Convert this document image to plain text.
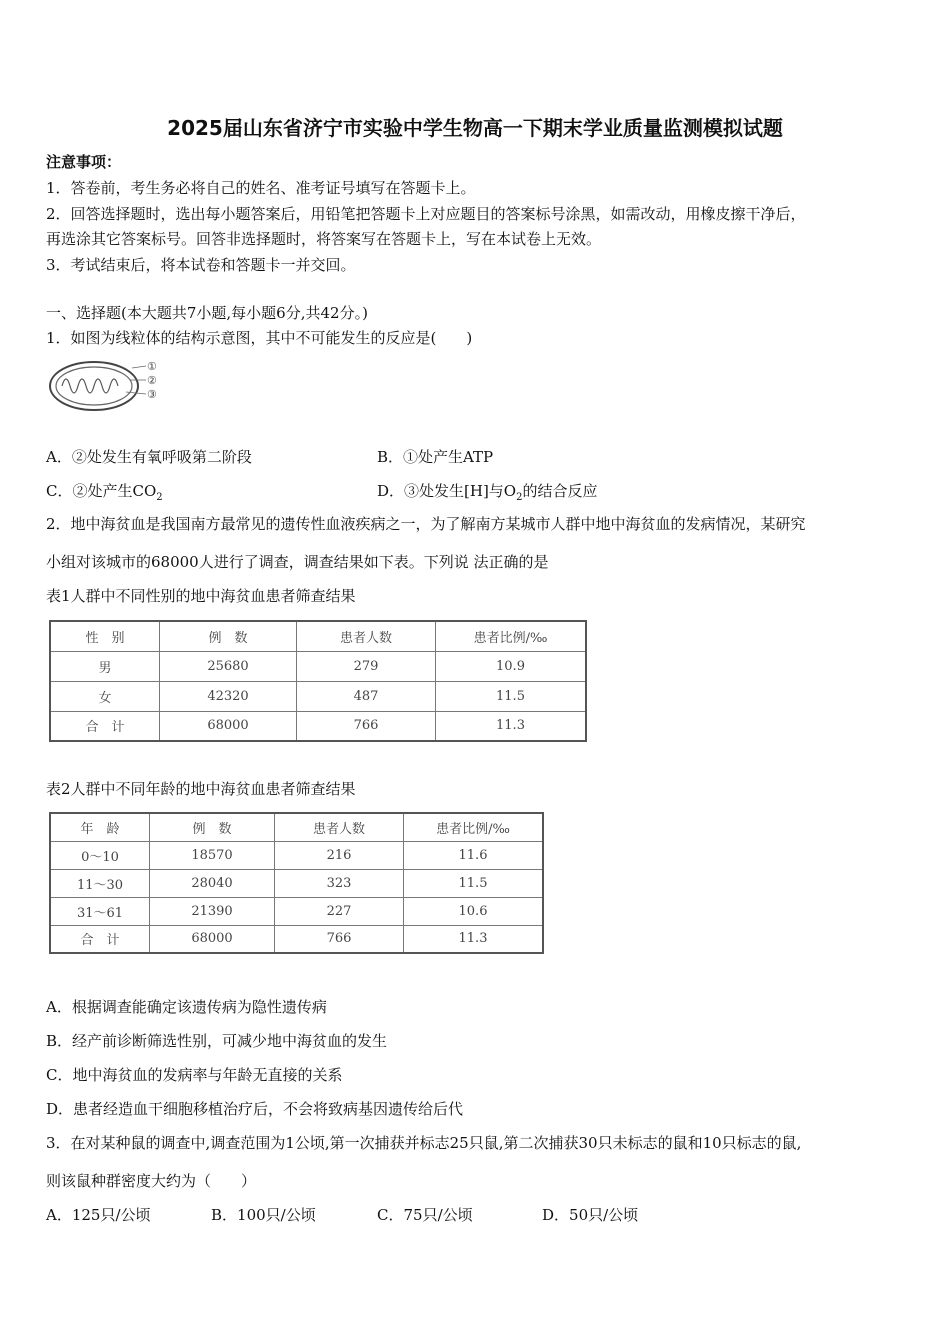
2025届山东省济宁市实验中学生物高一下期末学业质量监测模拟试题
注意事项：
1．答卷前，考生务必将自己的姓名、准考证号填写在答题卡上。
2．回答选择题时，选出每小题答案后，用铅笔把答题卡上对应题目的答案标号涂黑，如需改动，用橡皮擦干净后，
再选涂其它答案标号。回答非选择题时，将答案写在答题卡上，写在本试卷上无效。
3．考试结束后，将本试卷和答题卡一并交回。
一、选择题(本大题共7小题,每小题6分,共42分。)
1．如图为线粒体的结构示意图，其中不可能发生的反应是(　　)
①
②
③
A．②处发生有氧呼吸第二阶段	B．①处产生ATP
C．②处产生$CO_2$	D．③处发生[H]与$O_2$的结合反应
2．地中海贫血是我国南方最常见的遗传性血液疾病之一，为了解南方某城市人群中地中海贫血的发病情况，某研究
小组对该城市的68000人进行了调查，调查结果如下表。下列说 法正确的是
表1人群中不同性别的地中海贫血患者筛查结果
性　别	例　数	患者人数	患者比例/‰
男	25680	279	10.9
女	42320	487	11.5
合　计	68000	766	11.3
表2人群中不同年龄的地中海贫血患者筛查结果
年　龄	例　数	患者人数	患者比例/‰
0～10	18570	216	11.6
11～30	28040	323	11.5
31～61	21390	227	10.6
合　计	68000	766	11.3
A．根据调查能确定该遗传病为隐性遗传病
B．经产前诊断筛选性别，可减少地中海贫血的发生
C．地中海贫血的发病率与年龄无直接的关系
D．患者经造血干细胞移植治疗后，不会将致病基因遗传给后代
3．在对某种鼠的调查中,调查范围为1公顷,第一次捕获并标志25只鼠,第二次捕获30只未标志的鼠和10只标志的鼠,
则该鼠种群密度大约为（　　）
A．125只/公顷	B．100只/公顷	C．75只/公顷	D．50只/公顷
